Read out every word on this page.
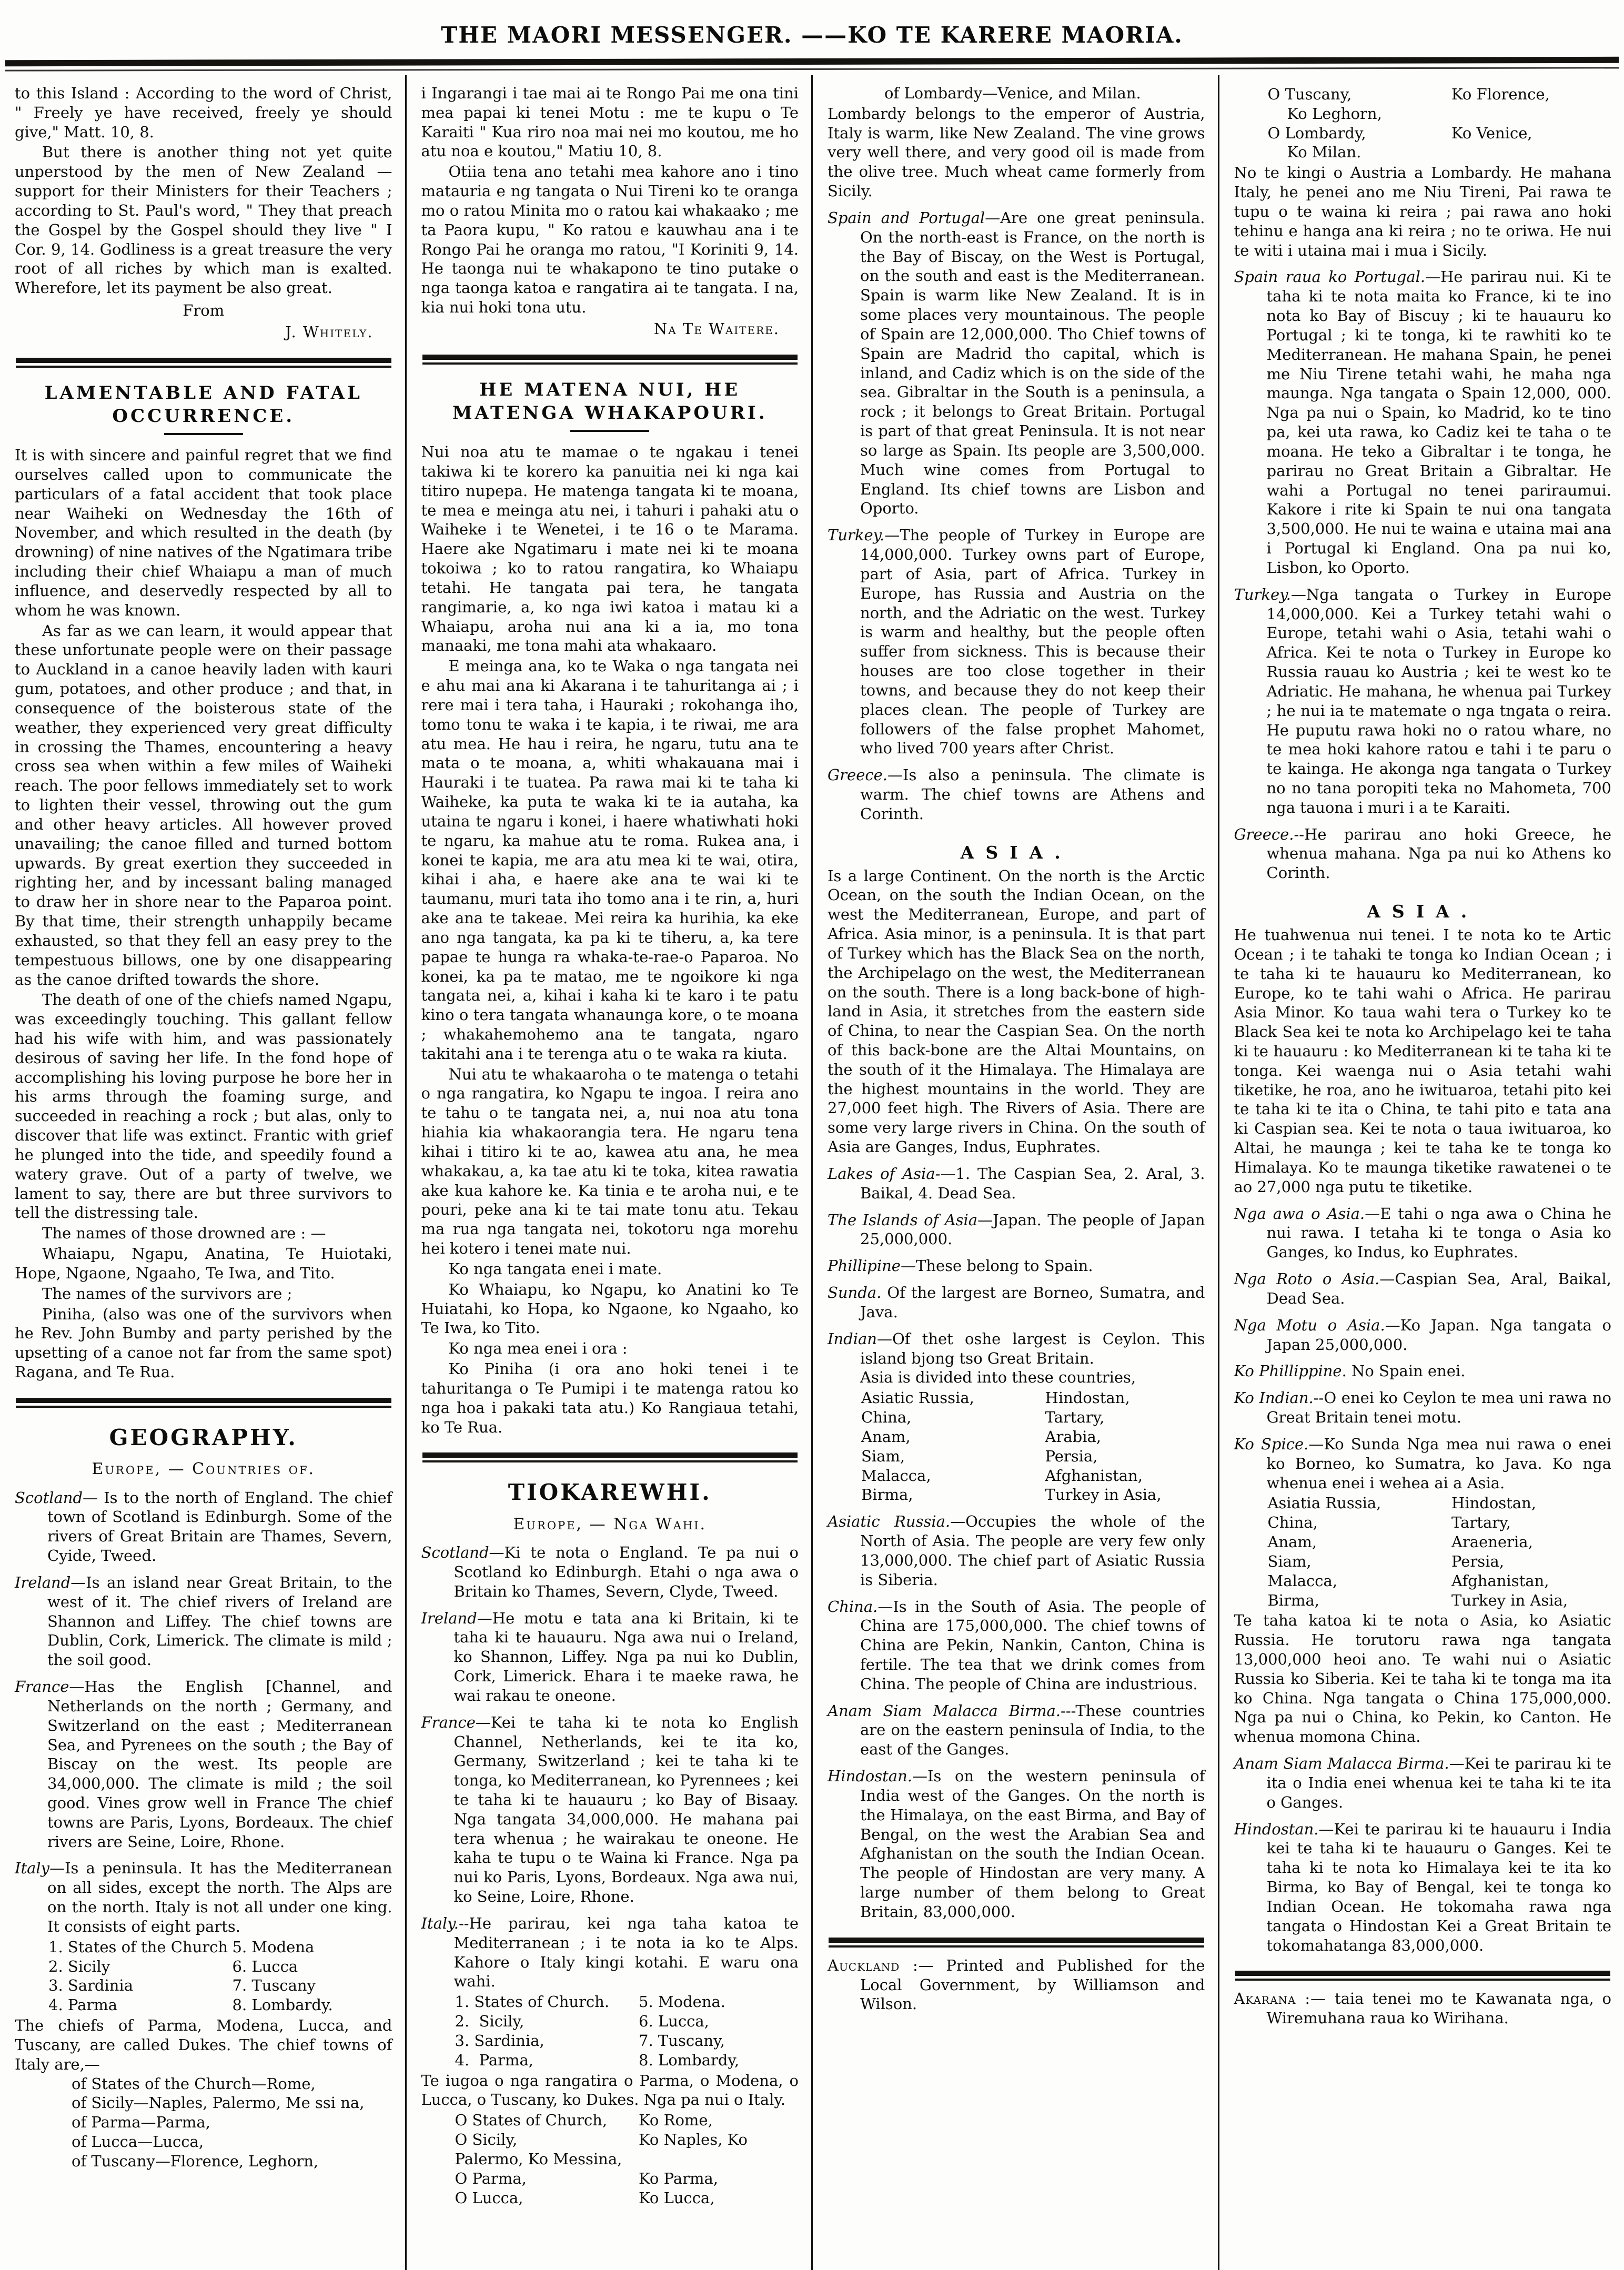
THE MAORI MESSENGER. ——KO TE KARERE MAORIA.

to this Island : According to the word of Christ, " Freely ye have received, freely ye should give," Matt. 10, 8.

But there is another thing not yet quite unperstood by the men of New Zealand — support for their Ministers for their Teachers ; according to St. Paul's word, " They that preach the Gospel by the Gospel should they live " I Cor. 9, 14. Godliness is a great treasure the very root of all riches by which man is exalted. Wherefore, let its payment be also great.

From

J. Whitely.

LAMENTABLE AND FATAL OCCURRENCE.

It is with sincere and painful regret that we find ourselves called upon to communicate the particulars of a fatal accident that took place near Waiheki on Wednesday the 16th of November, and which resulted in the death (by drowning) of nine natives of the Ngatimara tribe including their chief Whaiapu a man of much influence, and deservedly respected by all to whom he was known.

As far as we can learn, it would appear that these unfortunate people were on their passage to Auckland in a canoe heavily laden with kauri gum, potatoes, and other produce ; and that, in consequence of the boisterous state of the weather, they experienced very great difficulty in crossing the Thames, encountering a heavy cross sea when within a few miles of Waiheki reach. The poor fellows immediately set to work to lighten their vessel, throwing out the gum and other heavy articles. All however proved unavailing; the canoe filled and turned bottom upwards. By great exertion they succeeded in righting her, and by incessant baling managed to draw her in shore near to the Paparoa point. By that time, their strength unhappily became exhausted, so that they fell an easy prey to the tempestuous billows, one by one disappearing as the canoe drifted towards the shore.

The death of one of the chiefs named Ngapu, was exceedingly touching. This gallant fellow had his wife with him, and was passionately desirous of saving her life. In the fond hope of accomplishing his loving purpose he bore her in his arms through the foaming surge, and succeeded in reaching a rock ; but alas, only to discover that life was extinct. Frantic with grief he plunged into the tide, and speedily found a watery grave. Out of a party of twelve, we lament to say, there are but three survivors to tell the distressing tale.

The names of those drowned are : —

Whaiapu, Ngapu, Anatina, Te Huiotaki, Hope, Ngaone, Ngaaho, Te Iwa, and Tito.

The names of the survivors are ;

Piniha, (also was one of the survivors when he Rev. John Bumby and party perished by the upsetting of a canoe not far from the same spot) Ragana, and Te Rua.

GEOGRAPHY.
Europe, — Countries of.

Scotland— Is to the north of England. The chief town of Scotland is Edinburgh. Some of the rivers of Great Britain are Thames, Severn, Cyide, Tweed.

Ireland—Is an island near Great Britain, to the west of it. The chief rivers of Ireland are Shannon and Liffey. The chief towns are Dublin, Cork, Limerick. The climate is mild ; the soil good.

France—Has the English [Channel, and Netherlands on the north ; Germany, and Switzerland on the east ; Mediterranean Sea, and Pyrenees on the south ; the Bay of Biscay on the west. Its people are 34,000,000. The climate is mild ; the soil good. Vines grow well in France The chief towns are Paris, Lyons, Bordeaux. The chief rivers are Seine, Loire, Rhone.

Italy—Is a peninsula. It has the Mediterranean on all sides, except the north. The Alps are on the north. Italy is not all under one king. It consists of eight parts.

1. States of the Church 5. Modena
2. Sicily	6. Lucca
3. Sardinia	7. Tuscany
4. Parma	8. Lombardy.

The chiefs of Parma, Modena, Lucca, and Tuscany, are called Dukes. The chief towns of Italy are,—

of States of the Church—Rome,

of Sicily—Naples, Palermo, Me ssi na,

of Parma—Parma,

of Lucca—Lucca,

of Tuscany—Florence, Leghorn,

i Ingarangi i tae mai ai te Rongo Pai me ona tini mea papai ki tenei Motu : me te kupu o Te Karaiti " Kua riro noa mai nei mo koutou, me ho atu noa e koutou," Matiu 10, 8.

Otiia tena ano tetahi mea kahore ano i tino matauria e ng tangata o Nui Tireni ko te oranga mo o ratou Minita mo o ratou kai whakaako ; me ta Paora kupu, " Ko ratou e kauwhau ana i te Rongo Pai he oranga mo ratou, "I Koriniti 9, 14. He taonga nui te whakapono te tino putake o nga taonga katoa e rangatira ai te tangata. I na, kia nui hoki tona utu.

Na Te Waitere.

HE MATENA NUI, HE MATENGA WHAKAPOURI.

Nui noa atu te mamae o te ngakau i tenei takiwa ki te korero ka panuitia nei ki nga kai titiro nupepa. He matenga tangata ki te moana, te mea e meinga atu nei, i tahuri i pahaki atu o Waiheke i te Wenetei, i te 16 o te Marama. Haere ake Ngatimaru i mate nei ki te moana tokoiwa ; ko to ratou rangatira, ko Whaiapu tetahi. He tangata pai tera, he tangata rangimarie, a, ko nga iwi katoa i matau ki a Whaiapu, aroha nui ana ki a ia, mo tona manaaki, me tona mahi ata whakaaro.

E meinga ana, ko te Waka o nga tangata nei e ahu mai ana ki Akarana i te tahuritanga ai ; i rere mai i tera taha, i Hauraki ; rokohanga iho, tomo tonu te waka i te kapia, i te riwai, me ara atu mea. He hau i reira, he ngaru, tutu ana te mata o te moana, a, whiti whakauana mai i Hauraki i te tuatea. Pa rawa mai ki te taha ki Waiheke, ka puta te waka ki te ia autaha, ka utaina te ngaru i konei, i haere whatiwhati hoki te ngaru, ka mahue atu te roma. Rukea ana, i konei te kapia, me ara atu mea ki te wai, otira, kihai i aha, e haere ake ana te wai ki te taumanu, muri tata iho tomo ana i te rin, a, huri ake ana te takeae. Mei reira ka hurihia, ka eke ano nga tangata, ka pa ki te tiheru, a, ka tere papae te hunga ra whaka-te-rae-o Paparoa. No konei, ka pa te matao, me te ngoikore ki nga tangata nei, a, kihai i kaha ki te karo i te patu kino o tera tangata whanaunga kore, o te moana ; whakahemohemo ana te tangata, ngaro takitahi ana i te terenga atu o te waka ra kiuta.

Nui atu te whakaaroha o te matenga o tetahi o nga rangatira, ko Ngapu te ingoa. I reira ano te tahu o te tangata nei, a, nui noa atu tona hiahia kia whakaorangia tera. He ngaru tena kihai i titiro ki te ao, kawea atu ana, he mea whakakau, a, ka tae atu ki te toka, kitea rawatia ake kua kahore ke. Ka tinia e te aroha nui, e te pouri, peke ana ki te tai mate tonu atu. Tekau ma rua nga tangata nei, tokotoru nga morehu hei kotero i tenei mate nui.

Ko nga tangata enei i mate.

Ko Whaiapu, ko Ngapu, ko Anatini ko Te Huiatahi, ko Hopa, ko Ngaone, ko Ngaaho, ko Te Iwa, ko Tito.

Ko nga mea enei i ora :

Ko Piniha (i ora ano hoki tenei i te tahuritanga o Te Pumipi i te matenga ratou ko nga hoa i pakaki tata atu.) Ko Rangiaua tetahi, ko Te Rua.

TIOKAREWHI.
Europe, — Nga Wahi.

Scotland—Ki te nota o England. Te pa nui o Scotland ko Edinburgh. Etahi o nga awa o Britain ko Thames, Severn, Clyde, Tweed.

Ireland—He motu e tata ana ki Britain, ki te taha ki te hauauru. Nga awa nui o Ireland, ko Shannon, Liffey. Nga pa nui ko Dublin, Cork, Limerick. Ehara i te maeke rawa, he wai rakau te oneone.

France—Kei te taha ki te nota ko English Channel, Netherlands, kei te ita ko, Germany, Switzerland ; kei te taha ki te tonga, ko Mediterranean, ko Pyrennees ; kei te taha ki te hauauru ; ko Bay of Bisaay. Nga tangata 34,000,000. He mahana pai tera whenua ; he wairakau te oneone. He kaha te tupu o te Waina ki France. Nga pa nui ko Paris, Lyons, Bordeaux. Nga awa nui, ko Seine, Loire, Rhone.

Italy.--He parirau, kei nga taha katoa te Mediterranean ; i te nota ia ko te Alps. Kahore o Italy kingi kotahi. E waru ona wahi.

1. States of Church.	5. Modena.
2.  Sicily,	6. Lucca,
3. Sardinia,	7. Tuscany,
4.  Parma,	8. Lombardy,

Te iugoa o nga rangatira o Parma, o Modena, o Lucca, o Tuscany, ko Dukes. Nga pa nui o Italy.

O States of Church,	Ko Rome,
O Sicily,	Ko Naples, Ko
Palermo, Ko Messina,
O Parma,	Ko Parma,
O Lucca,	Ko Lucca,

of Lombardy—Venice, and Milan.

Lombardy belongs to the emperor of Austria, Italy is warm, like New Zealand. The vine grows very well there, and very good oil is made from the olive tree. Much wheat came formerly from Sicily.

Spain and Portugal—Are one great peninsula. On the north-east is France, on the north is the Bay of Biscay, on the West is Portugal, on the south and east is the Mediterranean. Spain is warm like New Zealand. It is in some places very mountainous. The people of Spain are 12,000,000. Tho Chief towns of Spain are Madrid tho capital, which is inland, and Cadiz which is on the side of the sea. Gibraltar in the South is a peninsula, a rock ; it belongs to Great Britain. Portugal is part of that great Peninsula. It is not near so large as Spain. Its people are 3,500,000. Much wine comes from Portugal to England. Its chief towns are Lisbon and Oporto.

Turkey.—The people of Turkey in Europe are 14,000,000. Turkey owns part of Europe, part of Asia, part of Africa. Turkey in Europe, has Russia and Austria on the north, and the Adriatic on the west. Turkey is warm and healthy, but the people often suffer from sickness. This is because their houses are too close together in their towns, and because they do not keep their places clean. The people of Turkey are followers of the false prophet Mahomet, who lived 700 years after Christ.

Greece.—Is also a peninsula. The climate is warm. The chief towns are Athens and Corinth.

ASIA.

Is a large Continent. On the north is the Arctic Ocean, on the south the Indian Ocean, on the west the Mediterranean, Europe, and part of Africa. Asia minor, is a peninsula. It is that part of Turkey which has the Black Sea on the north, the Archipelago on the west, the Mediterranean on the south. There is a long back-bone of high-land in Asia, it stretches from the eastern side of China, to near the Caspian Sea. On the north of this back-bone are the Altai Mountains, on the south of it the Himalaya. The Himalaya are the highest mountains in the world. They are 27,000 feet high. The Rivers of Asia. There are some very large rivers in China. On the south of Asia are Ganges, Indus, Euphrates.

Lakes of Asia-—1. The Caspian Sea, 2. Aral, 3. Baikal, 4. Dead Sea.

The Islands of Asia—Japan. The people of Japan 25,000,000.

Phillipine—These belong to Spain.

Sunda. Of the largest are Borneo, Sumatra, and Java.

Indian—Of thet oshe largest is Ceylon. This island bjong tso Great Britain.

Asia is divided into these countries,

Asiatic Russia,	Hindostan,
China,	Tartary,
Anam,	Arabia,
Siam,	Persia,
Malacca,	Afghanistan,
Birma,	Turkey in Asia,

Asiatic Russia.—Occupies the whole of the North of Asia. The people are very few only 13,000,000. The chief part of Asiatic Russia is Siberia.

China.—Is in the South of Asia. The people of China are 175,000,000. The chief towns of China are Pekin, Nankin, Canton, China is fertile. The tea that we drink comes from China. The people of China are industrious.

Anam Siam Malacca Birma.---These countries are on the eastern peninsula of India, to the east of the Ganges.

Hindostan.—Is on the western peninsula of India west of the Ganges. On the north is the Himalaya, on the east Birma, and Bay of Bengal, on the west the Arabian Sea and Afghanistan on the south the Indian Ocean. The people of Hindostan are very many. A large number of them belong to Great Britain, 83,000,000.

Auckland :— Printed and Published for the Local Government, by Williamson and Wilson.

O Tuscany,	Ko Florence,
Ko Leghorn,
O Lombardy,	Ko Venice,
Ko Milan.

No te kingi o Austria a Lombardy. He mahana Italy, he penei ano me Niu Tireni, Pai rawa te tupu o te waina ki reira ; pai rawa ano hoki tehinu e hanga ana ki reira ; no te oriwa. He nui te witi i utaina mai i mua i Sicily.

Spain raua ko Portugal.—He parirau nui. Ki te taha ki te nota maita ko France, ki te ino nota ko Bay of Biscuy ; ki te hauauru ko Portugal ; ki te tonga, ki te rawhiti ko te Mediterranean. He mahana Spain, he penei me Niu Tirene tetahi wahi, he maha nga maunga. Nga tangata o Spain 12,000, 000. Nga pa nui o Spain, ko Madrid, ko te tino pa, kei uta rawa, ko Cadiz kei te taha o te moana. He teko a Gibraltar i te tonga, he parirau no Great Britain a Gibraltar. He wahi a Portugal no tenei pariraumui. Kakore i rite ki Spain te nui ona tangata 3,500,000. He nui te waina e utaina mai ana i Portugal ki England. Ona pa nui ko, Lisbon, ko Oporto.

Turkey.—Nga tangata o Turkey in Europe 14,000,000. Kei a Turkey tetahi wahi o Europe, tetahi wahi o Asia, tetahi wahi o Africa. Kei te nota o Turkey in Europe ko Russia rauau ko Austria ; kei te west ko te Adriatic. He mahana, he whenua pai Turkey ; he nui ia te matemate o nga tngata o reira. He puputu rawa hoki no o ratou whare, no te mea hoki kahore ratou e tahi i te paru o te kainga. He akonga nga tangata o Turkey no no tana poropiti teka no Mahometa, 700 nga tauona i muri i a te Karaiti.

Greece.--He parirau ano hoki Greece, he whenua mahana. Nga pa nui ko Athens ko Corinth.

ASIA.

He tuahwenua nui tenei. I te nota ko te Artic Ocean ; i te tahaki te tonga ko Indian Ocean ; i te taha ki te hauauru ko Mediterranean, ko Europe, ko te tahi wahi o Africa. He parirau Asia Minor. Ko taua wahi tera o Turkey ko te Black Sea kei te nota ko Archipelago kei te taha ki te hauauru : ko Mediterranean ki te taha ki te tonga. Kei waenga nui o Asia tetahi wahi tiketike, he roa, ano he iwituaroa, tetahi pito kei te taha ki te ita o China, te tahi pito e tata ana ki Caspian sea. Kei te nota o taua iwituaroa, ko Altai, he maunga ; kei te taha ke te tonga ko Himalaya. Ko te maunga tiketike rawatenei o te ao 27,000 nga putu te tiketike.

Nga awa o Asia.—E tahi o nga awa o China he nui rawa. I tetaha ki te tonga o Asia ko Ganges, ko Indus, ko Euphrates.

Nga Roto o Asia.—Caspian Sea, Aral, Baikal, Dead Sea.

Nga Motu o Asia.—Ko Japan. Nga tangata o Japan 25,000,000.

Ko Phillippine. No Spain enei.

Ko Indian.--O enei ko Ceylon te mea uni rawa no Great Britain tenei motu.

Ko Spice.—Ko Sunda Nga mea nui rawa o enei ko Borneo, ko Sumatra, ko Java. Ko nga whenua enei i wehea ai a Asia.

Asiatia Russia,	Hindostan,
China,	Tartary,
Anam,	Araeneria,
Siam,	Persia,
Malacca,	Afghanistan,
Birma,	Turkey in Asia,

Te taha katoa ki te nota o Asia, ko Asiatic Russia. He torutoru rawa nga tangata 13,000,000 heoi ano. Te wahi nui o Asiatic Russia ko Siberia. Kei te taha ki te tonga ma ita ko China. Nga tangata o China 175,000,000. Nga pa nui o China, ko Pekin, ko Canton. He whenua momona China.

Anam Siam Malacca Birma.—Kei te parirau ki te ita o India enei whenua kei te taha ki te ita o Ganges.

Hindostan.—Kei te parirau ki te hauauru i India kei te taha ki te hauauru o Ganges. Kei te taha ki te nota ko Himalaya kei te ita ko Birma, ko Bay of Bengal, kei te tonga ko Indian Ocean. He tokomaha rawa nga tangata o Hindostan Kei a Great Britain te tokomahatanga 83,000,000.

Akarana :— taia tenei mo te Kawanata nga, o Wiremuhana raua ko Wirihana.
